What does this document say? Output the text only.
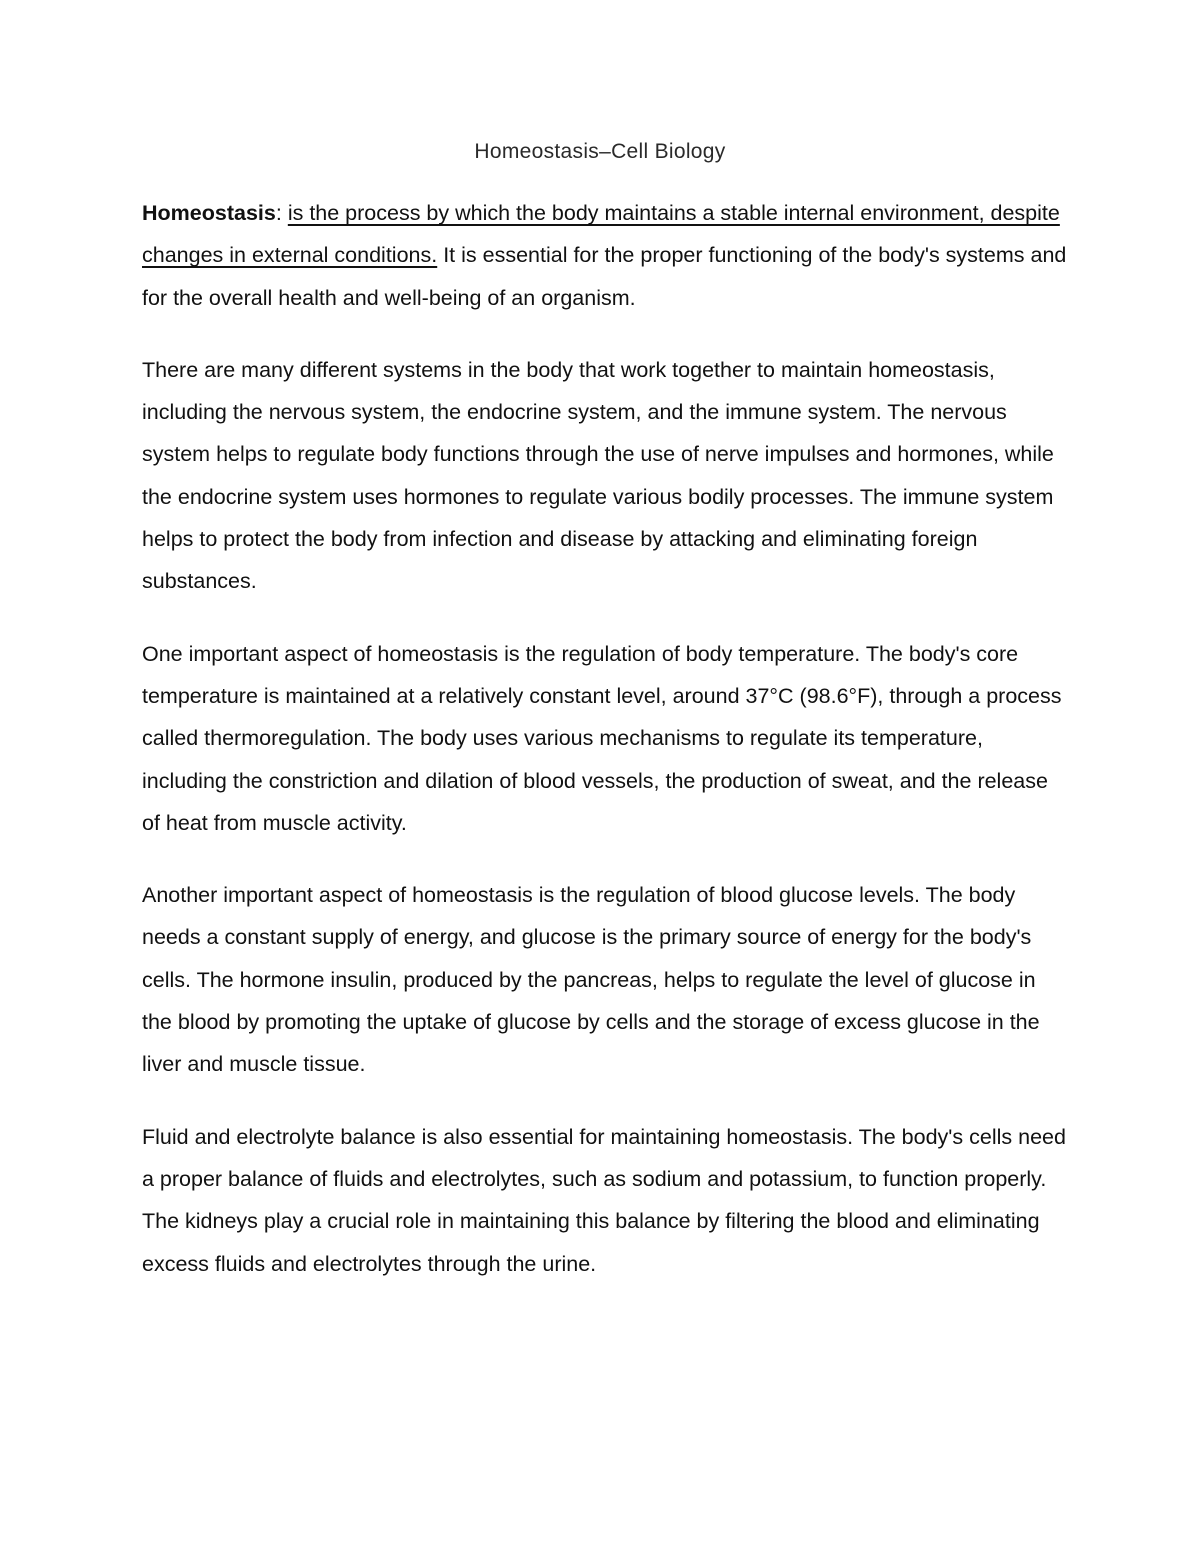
Homeostasis–Cell Biology

Homeostasis: is the process by which the body maintains a stable internal environment, despite changes in external conditions. It is essential for the proper functioning of the body's systems and for the overall health and well-being of an organism.

There are many different systems in the body that work together to maintain homeostasis, including the nervous system, the endocrine system, and the immune system. The nervous system helps to regulate body functions through the use of nerve impulses and hormones, while the endocrine system uses hormones to regulate various bodily processes. The immune system helps to protect the body from infection and disease by attacking and eliminating foreign substances.

One important aspect of homeostasis is the regulation of body temperature. The body's core temperature is maintained at a relatively constant level, around 37°C (98.6°F), through a process called thermoregulation. The body uses various mechanisms to regulate its temperature, including the constriction and dilation of blood vessels, the production of sweat, and the release of heat from muscle activity.

Another important aspect of homeostasis is the regulation of blood glucose levels. The body needs a constant supply of energy, and glucose is the primary source of energy for the body's cells. The hormone insulin, produced by the pancreas, helps to regulate the level of glucose in the blood by promoting the uptake of glucose by cells and the storage of excess glucose in the liver and muscle tissue.

Fluid and electrolyte balance is also essential for maintaining homeostasis. The body's cells need a proper balance of fluids and electrolytes, such as sodium and potassium, to function properly. The kidneys play a crucial role in maintaining this balance by filtering the blood and eliminating excess fluids and electrolytes through the urine.
